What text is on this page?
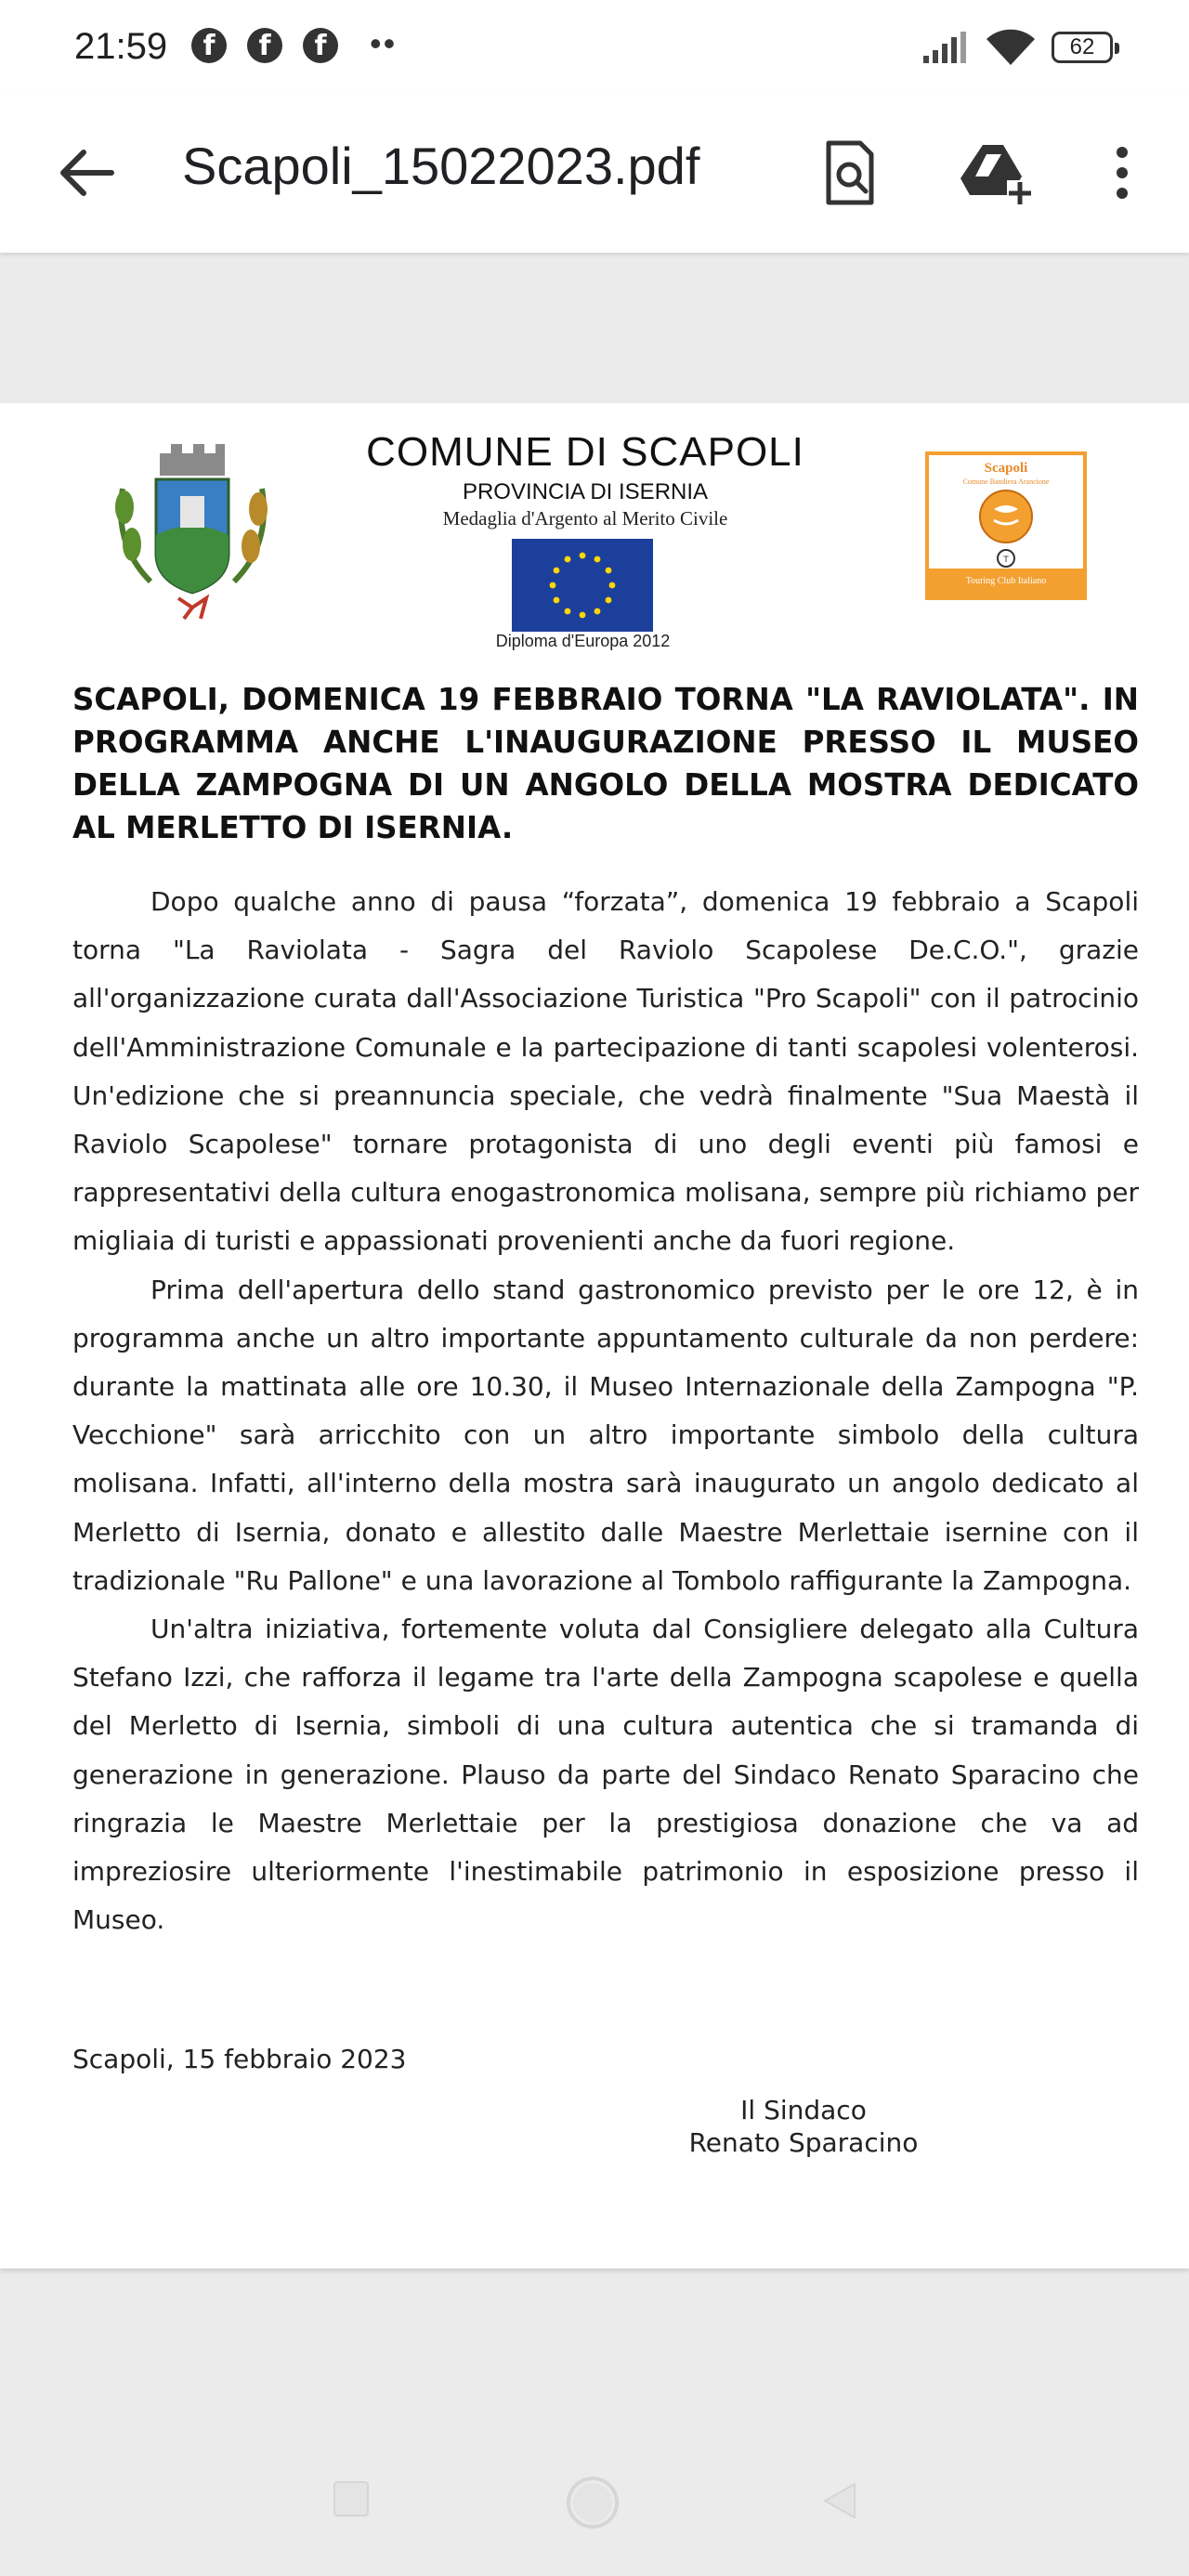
21:59	f	f	f	••	62
Scapoli_15022023.pdf
COMUNE DI SCAPOLI
PROVINCIA DI ISERNIA
Medaglia d'Argento al Merito Civile
Diploma d'Europa 2012
Scapoli
Comune Bandiera Arancione
T
Touring Club Italiano
SCAPOLI, DOMENICA 19 FEBBRAIO TORNA "LA RAVIOLATA". IN PROGRAMMA ANCHE L'INAUGURAZIONE PRESSO IL MUSEO DELLA ZAMPOGNA DI UN ANGOLO DELLA MOSTRA DEDICATO AL MERLETTO DI ISERNIA.

Dopo qualche anno di pausa “forzata”, domenica 19 febbraio a Scapoli torna "La Raviolata - Sagra del Raviolo Scapolese De.C.O.", grazie all'organizzazione curata dall'Associazione Turistica "Pro Scapoli" con il patrocinio dell'Amministrazione Comunale e la partecipazione di tanti scapolesi volenterosi. Un'edizione che si preannuncia speciale, che vedrà finalmente "Sua Maestà il Raviolo Scapolese" tornare protagonista di uno degli eventi più famosi e rappresentativi della cultura enogastronomica molisana, sempre più richiamo per migliaia di turisti e appassionati provenienti anche da fuori regione.

Prima dell'apertura dello stand gastronomico previsto per le ore 12, è in programma anche un altro importante appuntamento culturale da non perdere: durante la mattinata alle ore 10.30, il Museo Internazionale della Zampogna "P. Vecchione" sarà arricchito con un altro importante simbolo della cultura molisana. Infatti, all'interno della mostra sarà inaugurato un angolo dedicato al Merletto di Isernia, donato e allestito dalle Maestre Merlettaie isernine con il tradizionale "Ru Pallone" e una lavorazione al Tombolo raffigurante la Zampogna.

Un'altra iniziativa, fortemente voluta dal Consigliere delegato alla Cultura Stefano Izzi, che rafforza il legame tra l'arte della Zampogna scapolese e quella del Merletto di Isernia, simboli di una cultura autentica che si tramanda di generazione in generazione. Plauso da parte del Sindaco Renato Sparacino che ringrazia le Maestre Merlettaie per la prestigiosa donazione che va ad impreziosire ulteriormente l'inestimabile patrimonio in esposizione presso il Museo.

Scapoli, 15 febbraio 2023
Il Sindaco
Renato Sparacino
